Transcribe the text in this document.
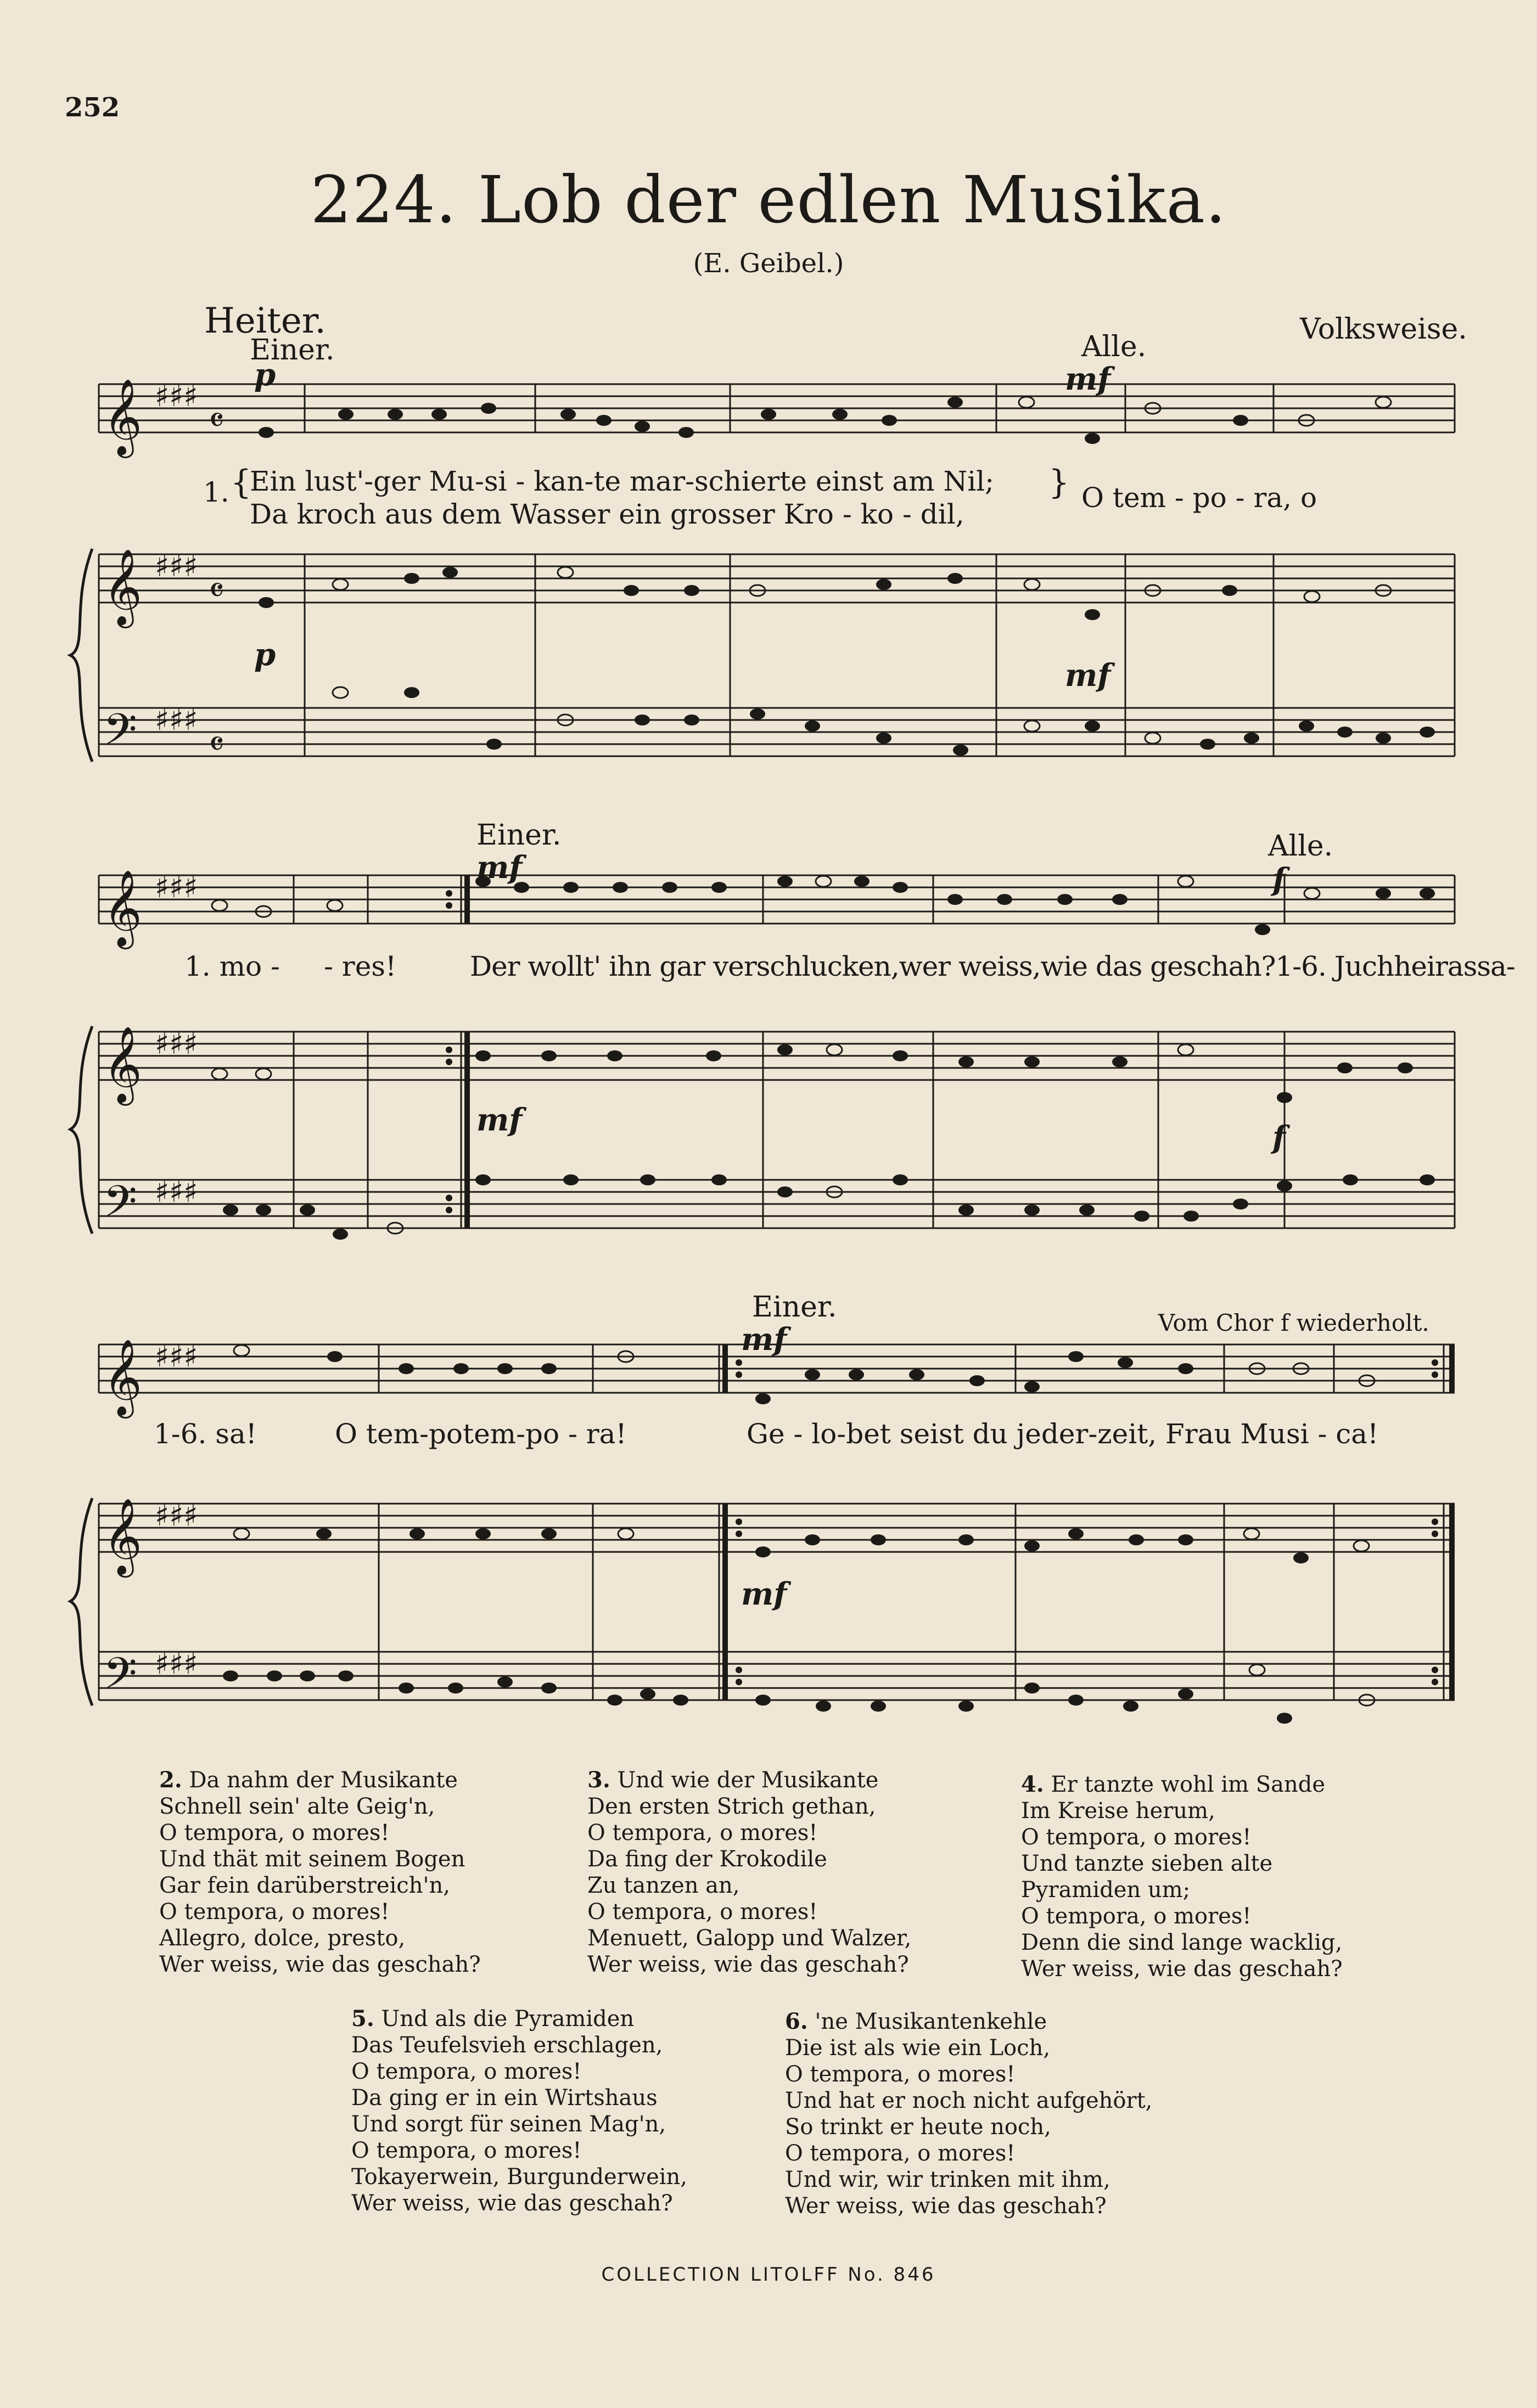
252
224. Lob der edlen Musika.
(E. Geibel.)
Heiter.	Volksweise.
𝄞
𝄞
𝄢
♯♯♯
♯♯♯
♯♯♯
𝄴
𝄴
𝄴
𝄞
𝄞
𝄢
♯♯♯
♯♯♯
♯♯♯
𝄞
𝄞
𝄢
♯♯♯
♯♯♯
♯♯♯
Einer.	Alle.
p	mf
p
mf
1. {
Ein lust'-ger Mu-si - kan-te mar-schierte einst am Nil;
Da kroch aus dem Wasser ein grosser Kro - ko - dil,
} O tem - po - ra, o
Einer.	Alle.
mf	f
mf	f
1. mo - - res!	Der wollt' ihn gar verschlucken,wer weiss,wie das geschah?1-6. Juchheirassa-
Einer.	Vom Chor f wiederholt.
mf
mf
1-6. sa!	O tem-potem-po - ra!	Ge - lo-bet seist du jeder-zeit, Frau Musi - ca!
2. Da nahm der Musikante
Schnell sein' alte Geig'n,
O tempora, o mores!
Und thät mit seinem Bogen
Gar fein darüberstreich'n,
O tempora, o mores!
Allegro, dolce, presto,
Wer weiss, wie das geschah?
3. Und wie der Musikante
Den ersten Strich gethan,
O tempora, o mores!
Da fing der Krokodile
Zu tanzen an,
O tempora, o mores!
Menuett, Galopp und Walzer,
Wer weiss, wie das geschah?
4. Er tanzte wohl im Sande
Im Kreise herum,
O tempora, o mores!
Und tanzte sieben alte
Pyramiden um;
O tempora, o mores!
Denn die sind lange wacklig,
Wer weiss, wie das geschah?
5. Und als die Pyramiden
Das Teufelsvieh erschlagen,
O tempora, o mores!
Da ging er in ein Wirtshaus
Und sorgt für seinen Mag'n,
O tempora, o mores!
Tokayerwein, Burgunderwein,
Wer weiss, wie das geschah?
6. 'ne Musikantenkehle
Die ist als wie ein Loch,
O tempora, o mores!
Und hat er noch nicht aufgehört,
So trinkt er heute noch,
O tempora, o mores!
Und wir, wir trinken mit ihm,
Wer weiss, wie das geschah?
COLLECTION LITOLFF No. 846
